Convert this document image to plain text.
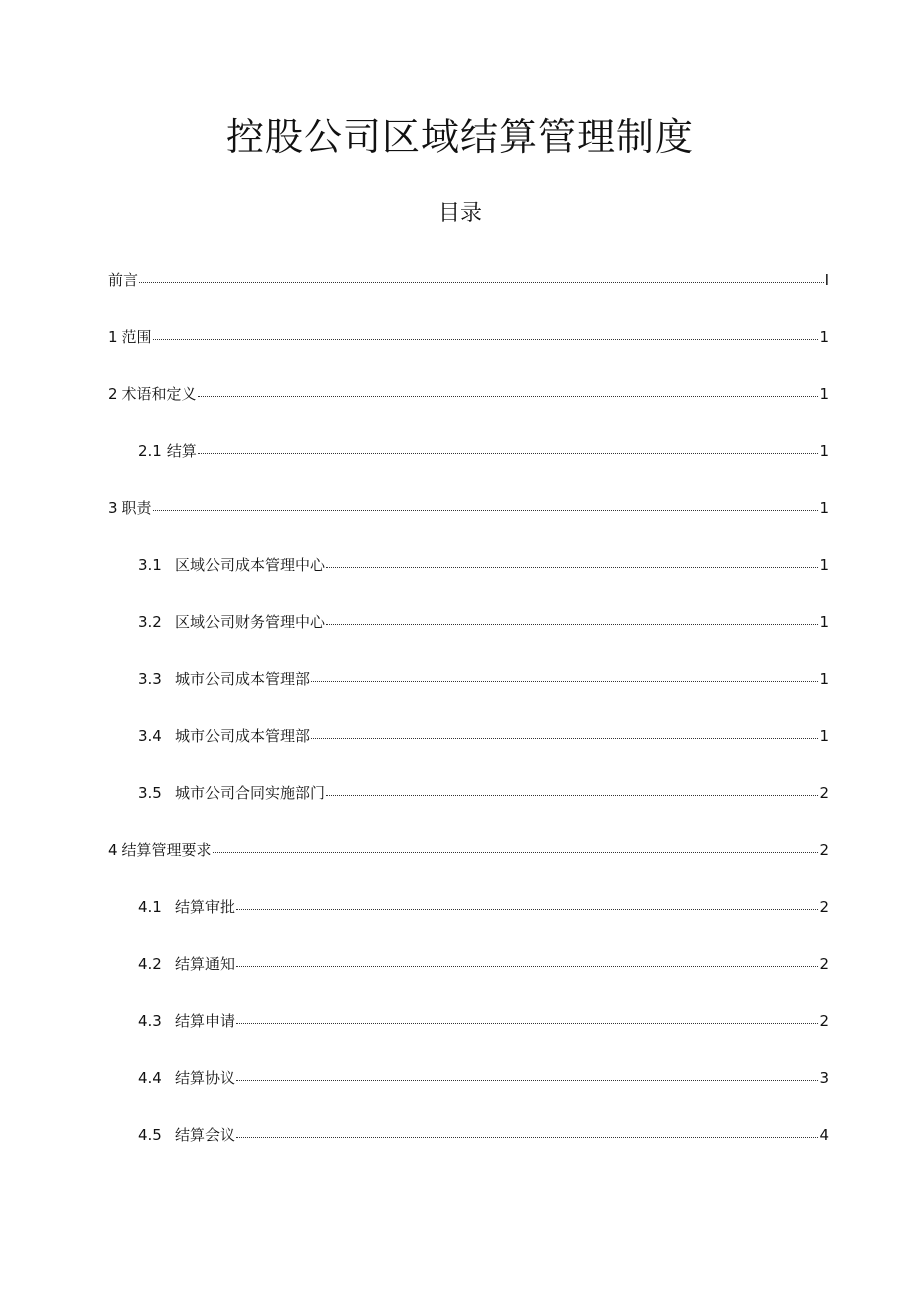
控股公司区域结算管理制度
目录
前言	I
1 范围	1
2 术语和定义	1
2.1 结算	1
3 职责	1
3.1 区域公司成本管理中心	1
3.2 区域公司财务管理中心	1
3.3 城市公司成本管理部	1
3.4 城市公司成本管理部	1
3.5 城市公司合同实施部门	2
4 结算管理要求	2
4.1 结算审批	2
4.2 结算通知	2
4.3 结算申请	2
4.4 结算协议	3
4.5 结算会议	4
